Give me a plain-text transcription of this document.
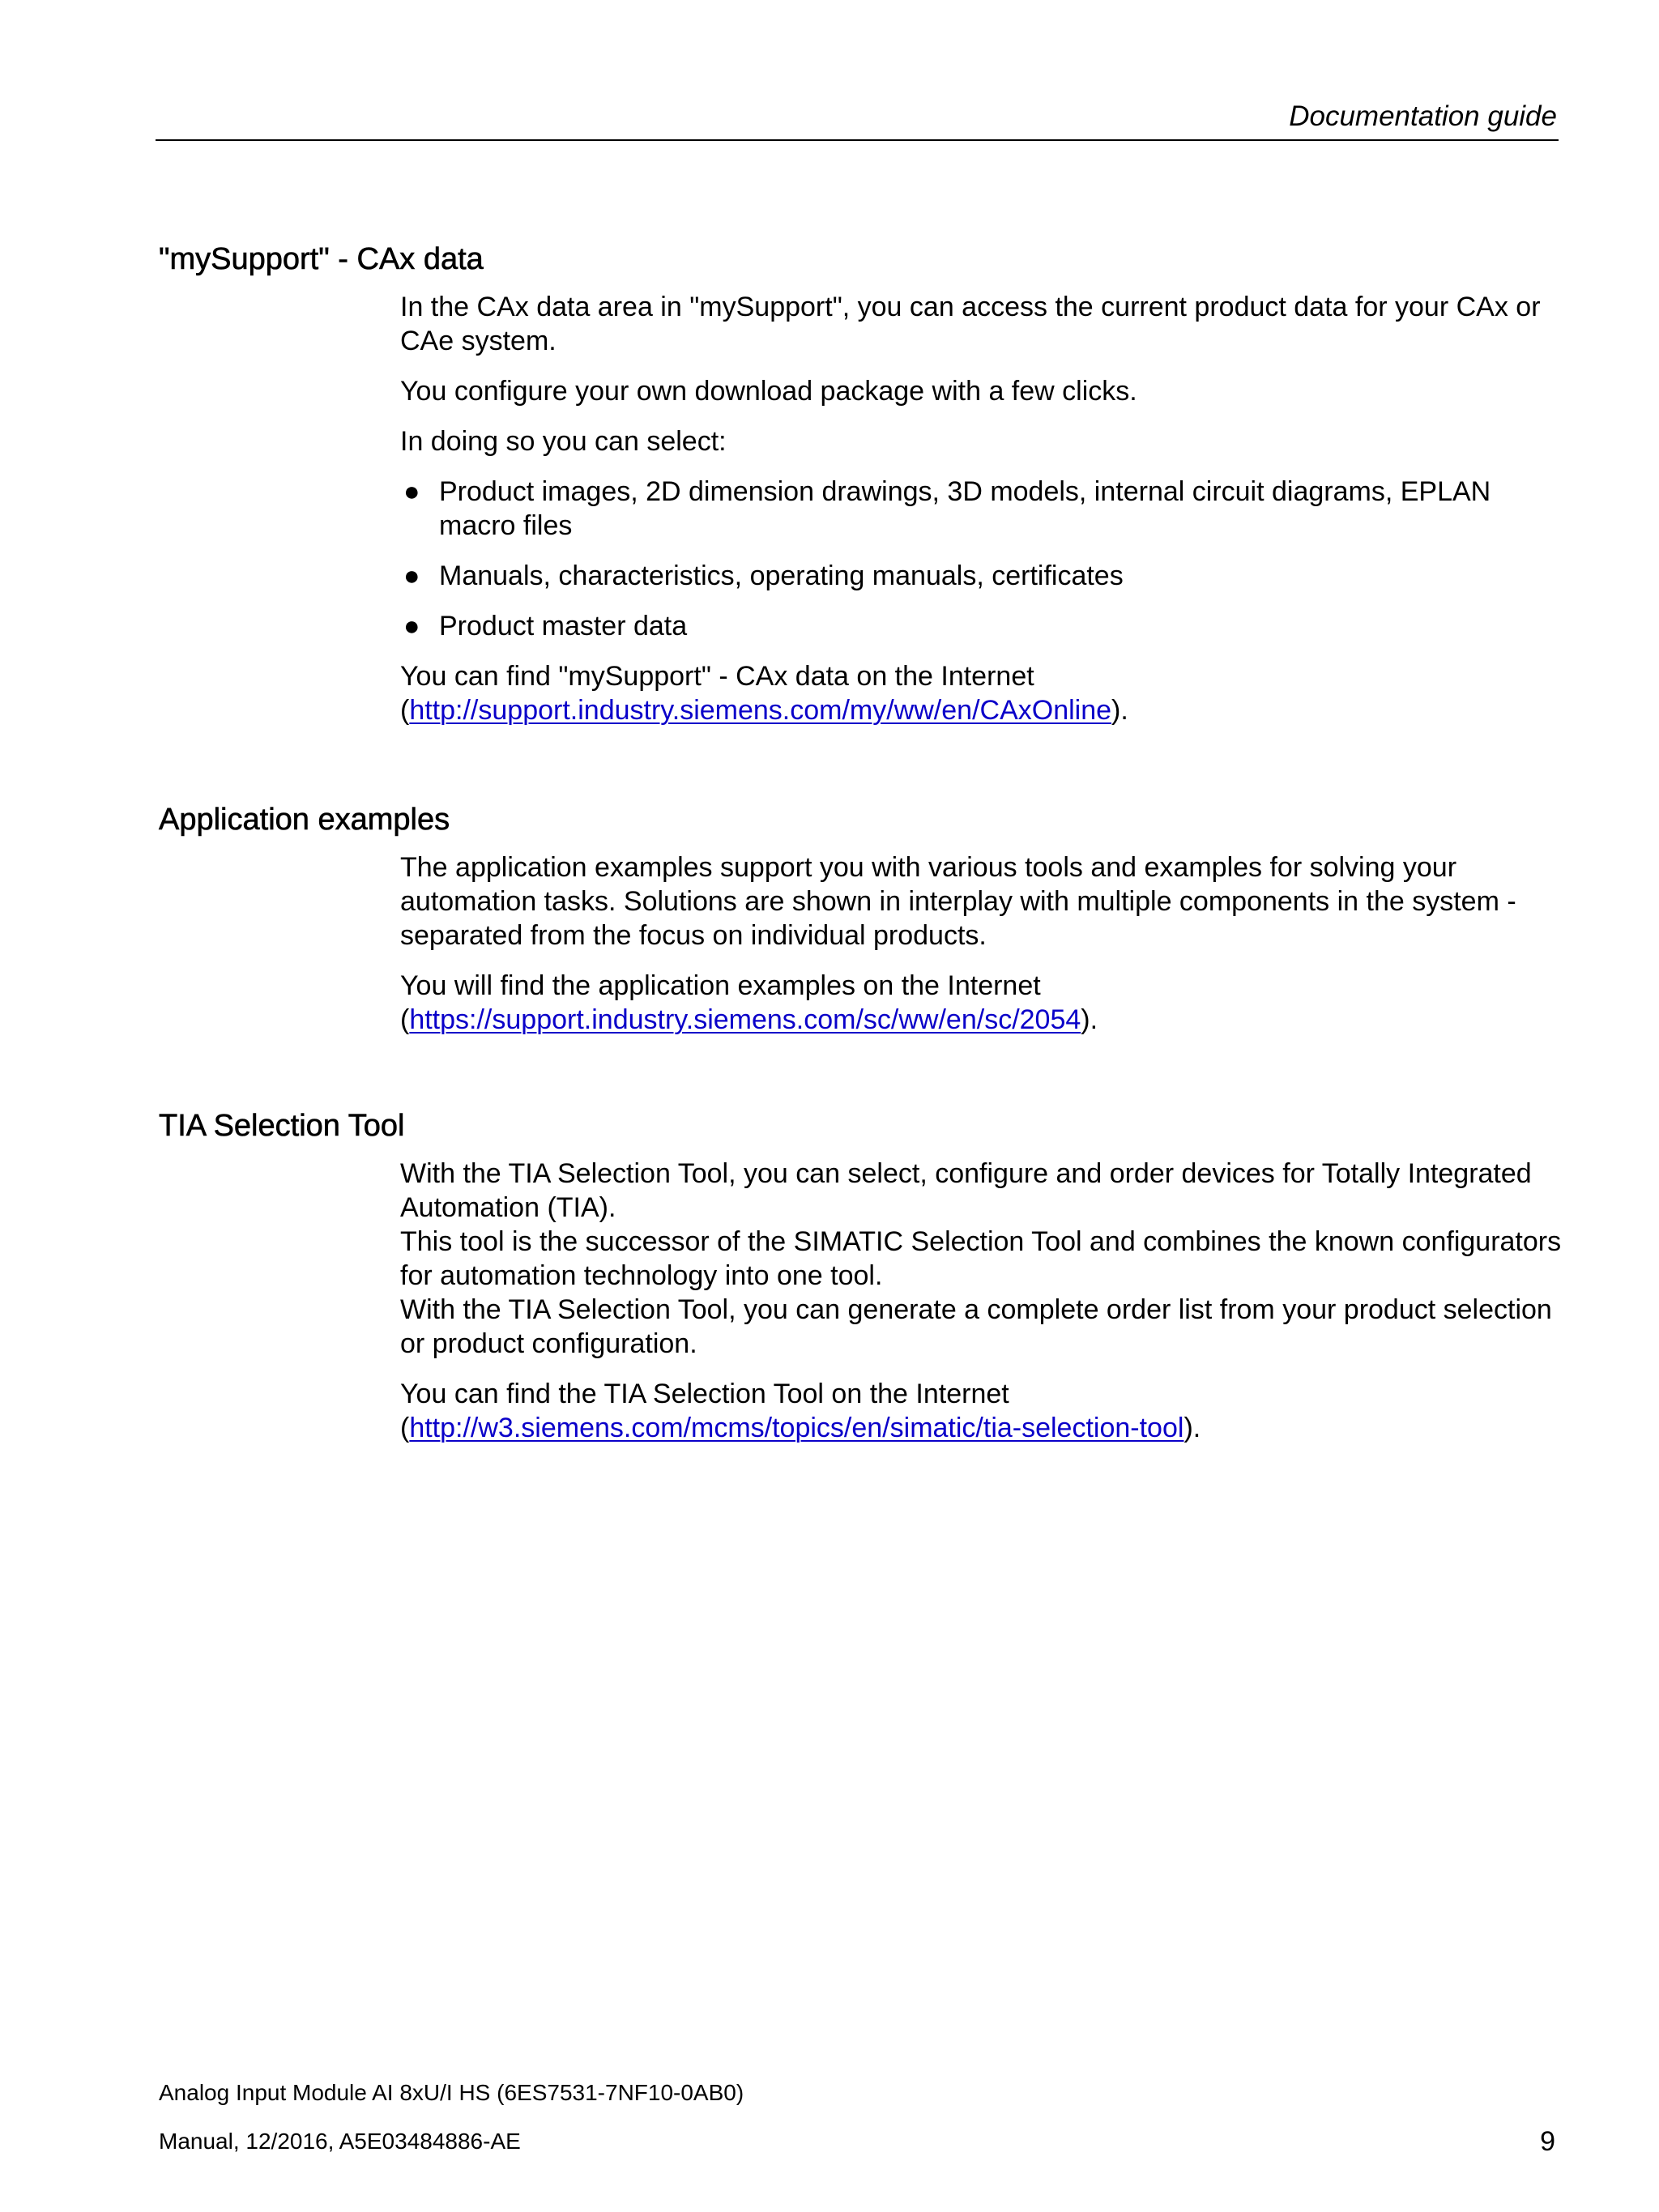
Documentation guide
"mySupport" - CAx data

In the CAx data area in "mySupport", you can access the current product data for your CAx or CAe system.

You configure your own download package with a few clicks.

In doing so you can select:

● Product images, 2D dimension drawings, 3D models, internal circuit diagrams, EPLAN macro files
● Manuals, characteristics, operating manuals, certificates
● Product master data

You can find "mySupport" - CAx data on the Internet
(http://support.industry.siemens.com/my/ww/en/CAxOnline).

Application examples

The application examples support you with various tools and examples for solving your automation tasks. Solutions are shown in interplay with multiple components in the system - separated from the focus on individual products.

You will find the application examples on the Internet
(https://support.industry.siemens.com/sc/ww/en/sc/2054).

TIA Selection Tool

With the TIA Selection Tool, you can select, configure and order devices for Totally Integrated Automation (TIA).
This tool is the successor of the SIMATIC Selection Tool and combines the known configurators for automation technology into one tool.
With the TIA Selection Tool, you can generate a complete order list from your product selection or product configuration.

You can find the TIA Selection Tool on the Internet
(http://w3.siemens.com/mcms/topics/en/simatic/tia-selection-tool).

Analog Input Module AI 8xU/I HS (6ES7531-7NF10-0AB0)
Manual, 12/2016, A5E03484886-AE	9
